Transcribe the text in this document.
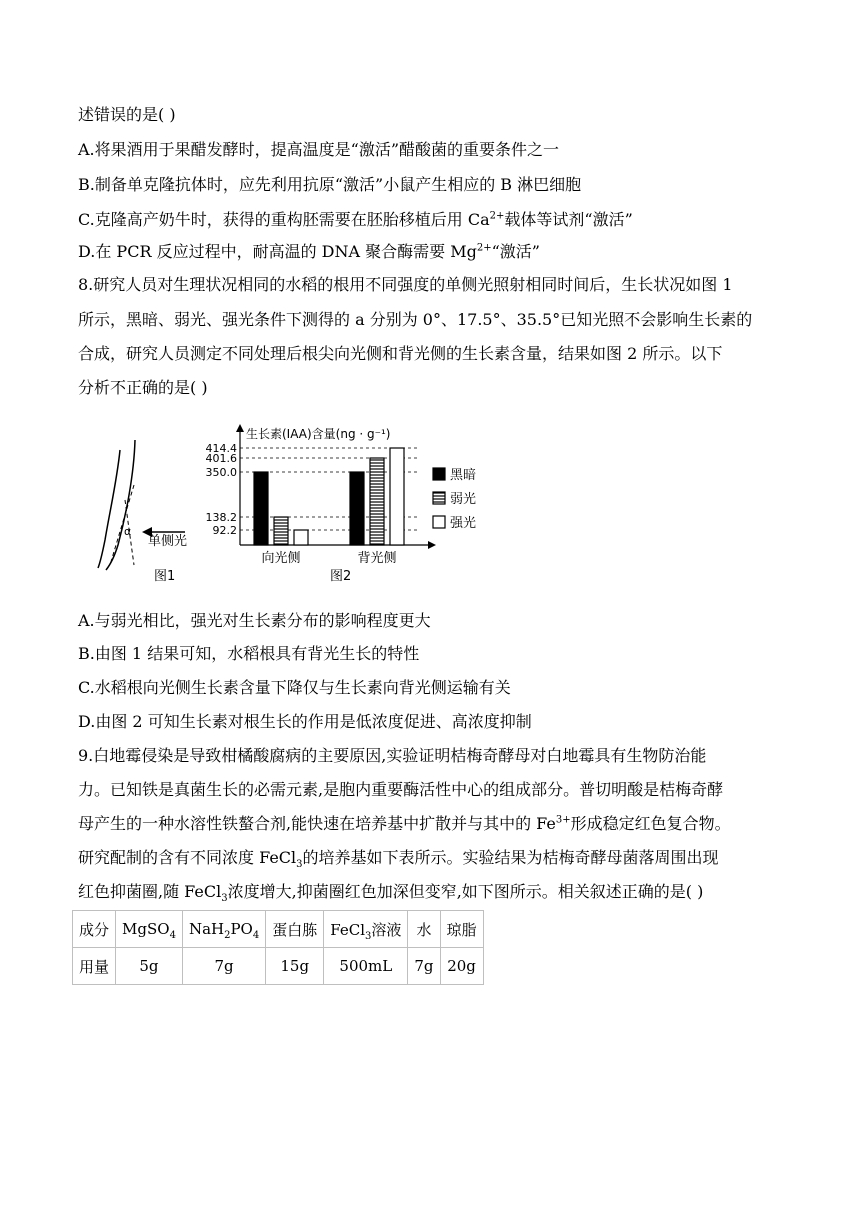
述错误的是( )
A.将果酒用于果醋发酵时，提高温度是“激活”醋酸菌的重要条件之一
B.制备单克隆抗体时，应先利用抗原“激活”小鼠产生相应的 B 淋巴细胞
C.克隆高产奶牛时，获得的重构胚需要在胚胎移植后用 $Ca^{2+}$载体等试剂“激活”
D.在 PCR 反应过程中，耐高温的 DNA 聚合酶需要 $Mg^{2+}“$激活”
8.研究人员对生理状况相同的水稻的根用不同强度的单侧光照射相同时间后，生长状况如图 1
所示，黑暗、弱光、强光条件下测得的 a 分别为 0°、17.5°、35.5°已知光照不会影响生长素的
合成，研究人员测定不同处理后根尖向光侧和背光侧的生长素含量，结果如图 2 所示。以下
分析不正确的是( )
α
单侧光
图1
生长素(IAA)含量(ng · g⁻¹)
图2
414.4
401.6
350.0
138.2
92.2
向光侧	背光侧
黑暗
弱光
强光
A.与弱光相比，强光对生长素分布的影响程度更大
B.由图 1 结果可知，水稻根具有背光生长的特性
C.水稻根向光侧生长素含量下降仅与生长素向背光侧运输有关
D.由图 2 可知生长素对根生长的作用是低浓度促进、高浓度抑制
9.白地霉侵染是导致柑橘酸腐病的主要原因,实验证明桔梅奇酵母对白地霉具有生物防治能
力。已知铁是真菌生长的必需元素,是胞内重要酶活性中心的组成部分。普切明酸是桔梅奇酵
母产生的一种水溶性铁螯合剂,能快速在培养基中扩散并与其中的 $Fe^{3+}$形成稳定红色复合物。
研究配制的含有不同浓度 FeCl$_3$的培养基如下表所示。实验结果为桔梅奇酵母菌落周围出现
红色抑菌圈,随 FeCl$_3$浓度增大,抑菌圈红色加深但变窄,如下图所示。相关叙述正确的是( )
成分	MgSO$_4$	$NaH_2PO_4$	蛋白胨	FeCl$_3$溶液	水	琼脂
用量	5g	7g	15g	500mL	7g	20g
